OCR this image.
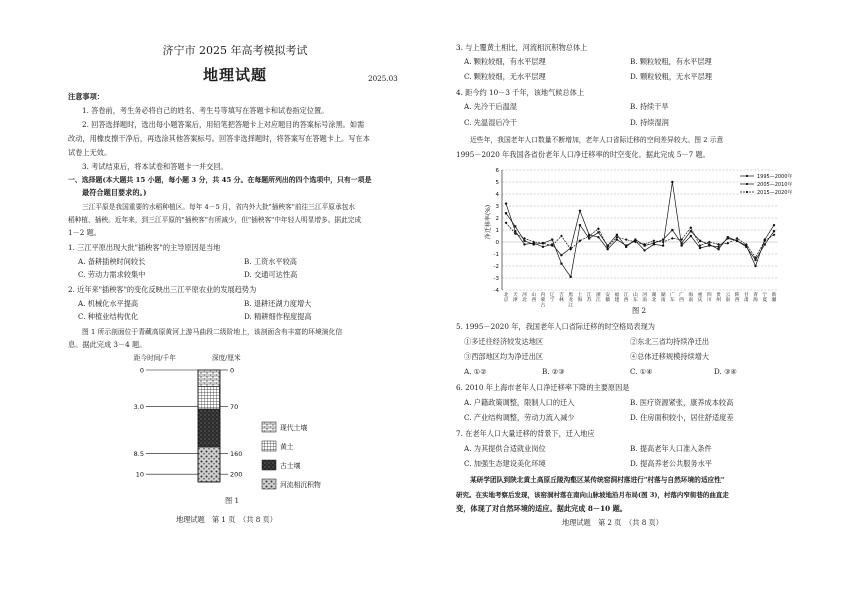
济宁市 2025 年高考模拟考试
地理试题	2025.03
注意事项：
1. 答卷前，考生务必将自己的姓名、考生号等填写在答题卡和试卷指定位置。
2. 回答选择题时，选出每小题答案后，用铅笔把答题卡上对应题目的答案标号涂黑。如需
改动，用橡皮擦干净后，再选涂其他答案标号。回答非选择题时，将答案写在答题卡上。写在本
试卷上无效。
3. 考试结束后，将本试卷和答题卡一并交回。
一、选择题(本大题共 15 小题，每小题 3 分，共 45 分。在每题所列出的四个选项中，只有一项是
最符合题目要求的。)
三江平原是我国重要的水稻种植区。每年 4－5 月，省内外大批"插秧客"前往三江平原承包水
稻种植、插秧。近年来，到三江平原的"插秧客"有所减少，但"插秧客"中年轻人明显增多。据此完成
1－2 题。
1. 三江平原出现大批"插秧客"的主导原因是当地
A. 备耕插秧时间较长	B. 工资水平较高
C. 劳动力需求较集中	D. 交通可达性高
2. 近年来"插秧客"的变化反映出三江平原农业的发展趋势为
A. 机械化水平提高	B. 退耕还湖力度增大
C. 种植业结构优化	D. 精耕细作程度提高
图 1 所示剖面位于青藏高原黄河上游马曲段二级阶地上，该剖面含有丰富的环境演化信
息。据此完成 3－4 题。
0	0
3.0	70
8.5	160
10	200
现代土壤
黄土
古土壤
河流相沉积物
距今时间/千年	深度/厘米
图 1
地理试题　第 1 页　（共 8 页）
3. 与上覆黄土相比，河流相沉积物总体上
A. 颗粒较细，有水平层理	B. 颗粒较粗，有水平层理
C. 颗粒较细，无水平层理	D. 颗粒较粗，无水平层理
4. 距今约 10－3 千年，该地气候总体上
A. 先冷干后温湿	B. 持续干旱
C. 先温湿后冷干	D. 持续湿润
近些年，我国老年人口数量不断增加，老年人口省际迁移的空间差异较大。图 2 示意
1995－2020 年我国各省份老年人口净迁移率的时空变化。据此完成 5－7 题。
净迁移率(%)
6
5
4
3
2
1
0
-1
-2
-3
-4
北京
天津
河北
山西
内蒙古
辽宁
吉林
黑龙江
上海
江苏
浙江
安徽
福建
江西
山东
河南
湖北
湖南
广东
广西
海南
重庆
四川
贵州
云南
陕西
甘肃
青海
宁夏
新疆
1995—2000年
2005—2010年
2015—2020年
图 2
5. 1995－2020 年，我国老年人口省际迁移的时空格局表现为
①多迁往经济较发达地区	②东北三省均持续净迁出
③西部地区均为净迁出区	④总体迁移规模持续增大
A. ①②	B. ②③	C. ①④	D. ③④
6. 2010 年上海市老年人口净迁移率下降的主要原因是
A. 户籍政策调整，限制人口的迁入	B. 医疗资源紧张，康养成本较高
C. 产业结构调整，劳动力流入减少	D. 住房面积较小，居住舒适度差
7. 在老年人口大量迁移的背景下，迁入地应
A. 为其提供合适就业岗位	B. 提高老年人口准入条件
C. 加强生态建设美化环境	D. 提高养老公共服务水平
某研学团队到陕北黄土高原丘陵沟壑区某传统窑洞村落进行"村落与自然环境的适应性"
研究。在实地考察后发现，该窑洞村落在南向山脉坡地沿月布局(图 3)，村落内窄街巷的曲直走
变，体现了对自然环境的适应。据此完成 8－10 题。
地理试题　第 2 页　（共 8 页）
